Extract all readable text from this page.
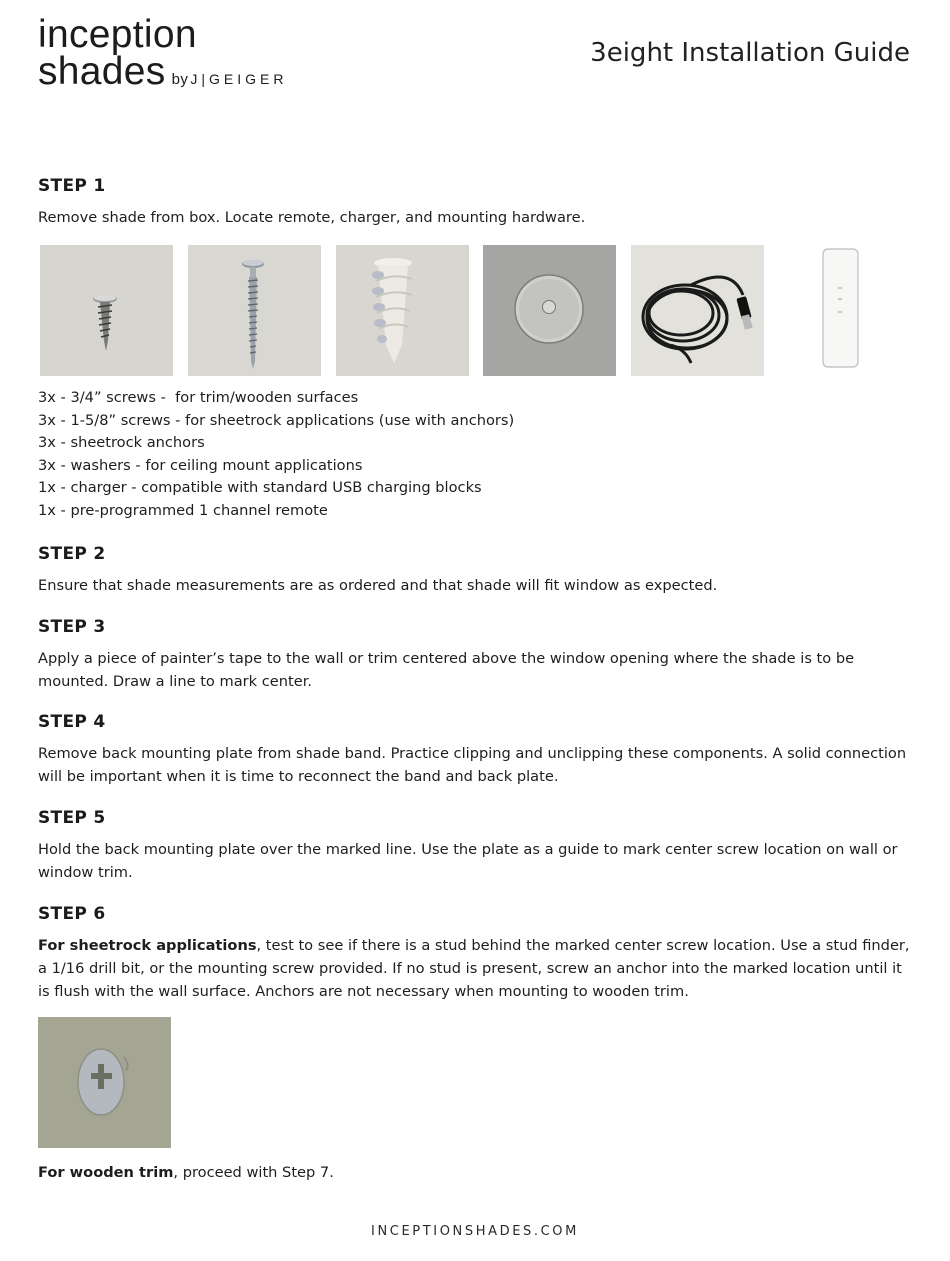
inception
shades by J|GEIGER
3eight Installation Guide
STEP 1
Remove shade from box. Locate remote, charger, and mounting hardware.
3x - 3/4” screws -  for trim/wooden surfaces
3x - 1-5/8” screws - for sheetrock applications (use with anchors)
3x - sheetrock anchors
3x - washers - for ceiling mount applications
1x - charger - compatible with standard USB charging blocks
1x - pre-programmed 1 channel remote
STEP 2
Ensure that shade measurements are as ordered and that shade will fit window as expected.
STEP 3
Apply a piece of painter’s tape to the wall or trim centered above the window opening where the shade is to be mounted. Draw a line to mark center.
STEP 4
Remove back mounting plate from shade band. Practice clipping and unclipping these components. A solid connection will be important when it is time to reconnect the band and back plate.
STEP 5
Hold the back mounting plate over the marked line. Use the plate as a guide to mark center screw location on wall or window trim.
STEP 6
For sheetrock applications, test to see if there is a stud behind the marked center screw location. Use a stud finder, a 1/16 drill bit, or the mounting screw provided. If no stud is present, screw an anchor into the marked location until it is flush with the wall surface. Anchors are not necessary when mounting to wooden trim.
For wooden trim, proceed with Step 7.
INCEPTIONSHADES.COM
